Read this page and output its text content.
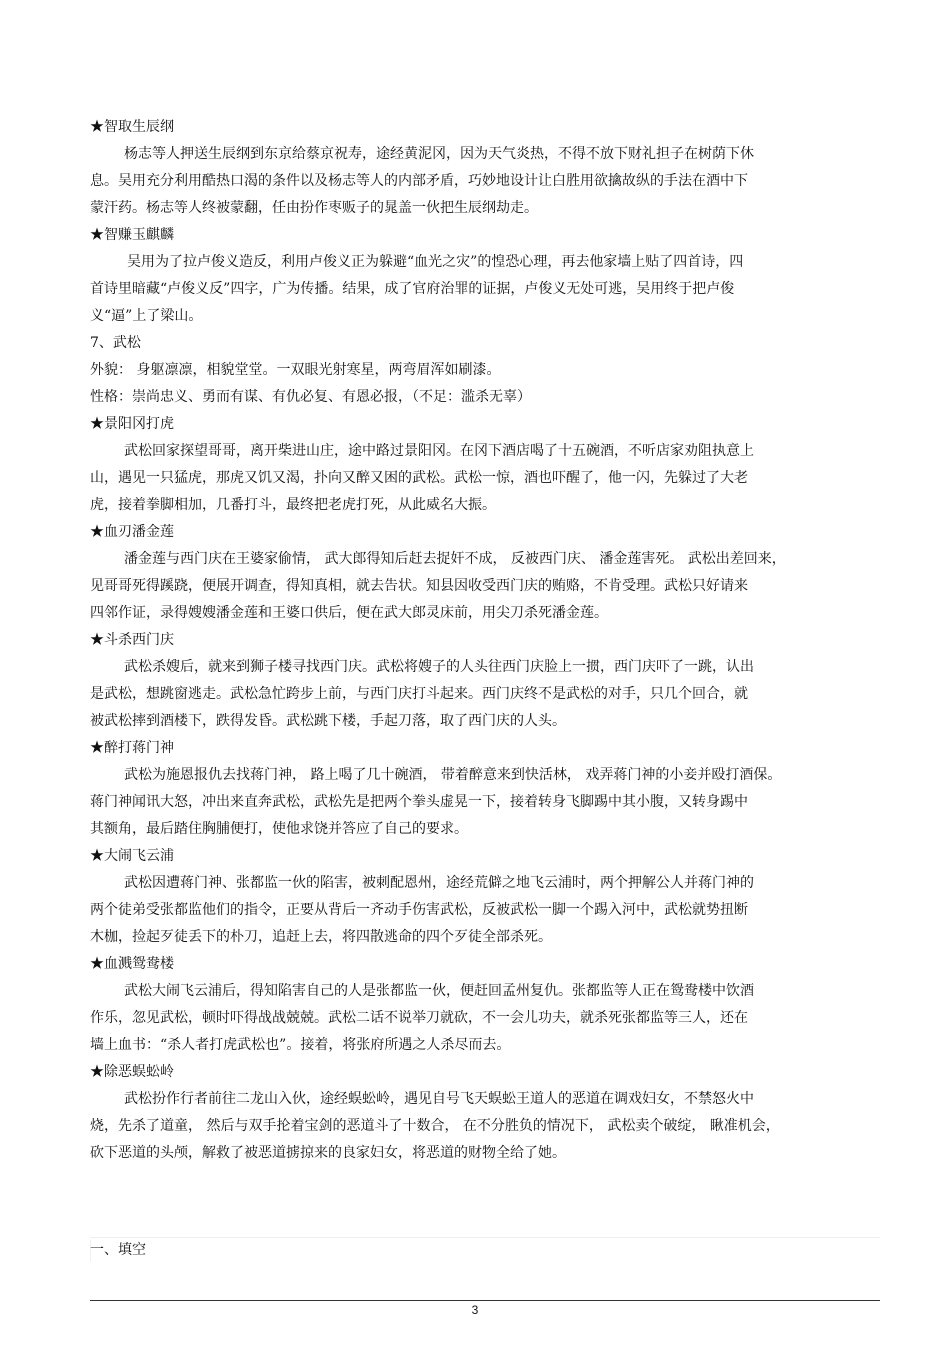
★智取生辰纲
杨志等人押送生辰纲到东京给蔡京祝寿，途经黄泥冈，因为天气炎热，不得不放下财礼担子在树荫下休
息。吴用充分利用酷热口渴的条件以及杨志等人的内部矛盾，巧妙地设计让白胜用欲擒故纵的手法在酒中下
蒙汗药。杨志等人终被蒙翻，任由扮作枣贩子的晁盖一伙把生辰纲劫走。
★智赚玉麒麟
吴用为了拉卢俊义造反，利用卢俊义正为躲避“血光之灾”的惶恐心理，再去他家墙上贴了四首诗，四
首诗里暗藏“卢俊义反”四字，广为传播。结果，成了官府治罪的证据，卢俊义无处可逃，吴用终于把卢俊
义“逼”上了梁山。
7、武松
外貌： 身躯凛凛，相貌堂堂。一双眼光射寒星，两弯眉浑如刷漆。
性格：崇尚忠义、勇而有谋、有仇必复、有恩必报，（不足：滥杀无辜）
★景阳冈打虎
武松回家探望哥哥，离开柴进山庄，途中路过景阳冈。在冈下酒店喝了十五碗酒，不听店家劝阻执意上
山，遇见一只猛虎，那虎又饥又渴，扑向又醉又困的武松。武松一惊，酒也吓醒了，他一闪，先躲过了大老
虎，接着拳脚相加，几番打斗，最终把老虎打死，从此威名大振。
★血刃潘金莲
潘金莲与西门庆在王婆家偷情， 武大郎得知后赶去捉奸不成， 反被西门庆、 潘金莲害死。 武松出差回来，
见哥哥死得蹊跷，便展开调查，得知真相，就去告状。知县因收受西门庆的贿赂，不肯受理。武松只好请来
四邻作证，录得嫂嫂潘金莲和王婆口供后，便在武大郎灵床前，用尖刀杀死潘金莲。
★斗杀西门庆
武松杀嫂后，就来到狮子楼寻找西门庆。武松将嫂子的人头往西门庆脸上一掼，西门庆吓了一跳，认出
是武松，想跳窗逃走。武松急忙跨步上前，与西门庆打斗起来。西门庆终不是武松的对手，只几个回合，就
被武松摔到酒楼下，跌得发昏。武松跳下楼，手起刀落，取了西门庆的人头。
★醉打蒋门神
武松为施恩报仇去找蒋门神， 路上喝了几十碗酒， 带着醉意来到快活林， 戏弄蒋门神的小妾并殴打酒保。
蒋门神闻讯大怒，冲出来直奔武松，武松先是把两个拳头虚晃一下，接着转身飞脚踢中其小腹，又转身踢中
其额角，最后踏住胸脯便打，使他求饶并答应了自己的要求。
★大闹飞云浦
武松因遭蒋门神、张都监一伙的陷害，被刺配恩州，途经荒僻之地飞云浦时，两个押解公人并蒋门神的
两个徒弟受张都监他们的指令，正要从背后一齐动手伤害武松，反被武松一脚一个踢入河中，武松就势扭断
木枷，捡起歹徒丢下的朴刀，追赶上去，将四散逃命的四个歹徒全部杀死。
★血溅鸳鸯楼
武松大闹飞云浦后，得知陷害自己的人是张都监一伙，便赶回孟州复仇。张都监等人正在鸳鸯楼中饮酒
作乐，忽见武松，顿时吓得战战兢兢。武松二话不说举刀就砍，不一会儿功夫，就杀死张都监等三人，还在
墙上血书：“杀人者打虎武松也”。接着，将张府所遇之人杀尽而去。
★除恶蜈蚣岭
武松扮作行者前往二龙山入伙，途经蜈蚣岭，遇见自号飞天蜈蚣王道人的恶道在调戏妇女，不禁怒火中
烧，先杀了道童， 然后与双手抡着宝剑的恶道斗了十数合， 在不分胜负的情况下， 武松卖个破绽， 瞅准机会，
砍下恶道的头颅，解救了被恶道掳掠来的良家妇女，将恶道的财物全给了她。
一、填空
3
